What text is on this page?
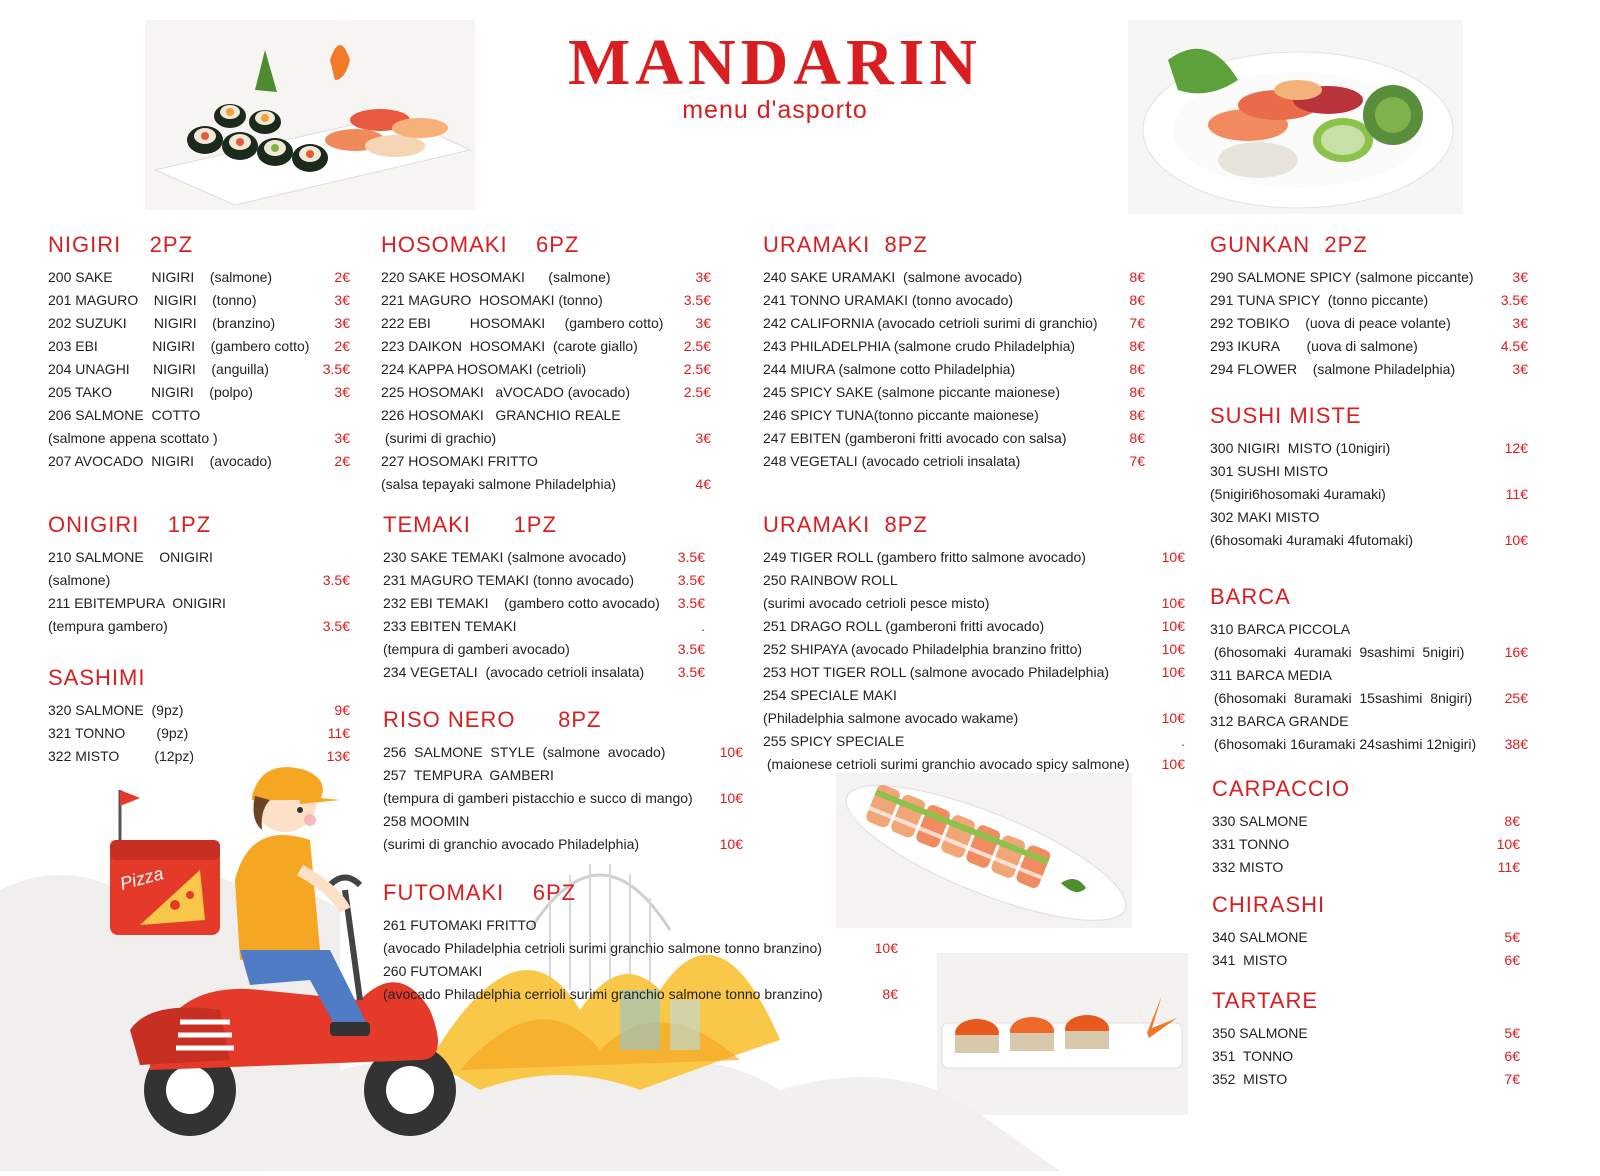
MANDARIN
menu d'asporto
Pizza
NIGIRI    2PZ
200 SAKE          NIGIRI    (salmone)	2€
201 MAGURO    NIGIRI    (tonno)	3€
202 SUZUKI       NIGIRI    (branzino)	3€
203 EBI              NIGIRI    (gambero cotto) 2€
204 UNAGHI      NIGIRI    (anguilla)	3.5€
205 TAKO          NIGIRI    (polpo)	3€
206 SALMONE  COTTO
(salmone appena scottato )	3€
207 AVOCADO  NIGIRI    (avocado)	2€
ONIGIRI    1PZ
210 SALMONE    ONIGIRI
(salmone)	3.5€
211 EBITEMPURA  ONIGIRI
(tempura gambero)	3.5€
SASHIMI
320 SALMONE  (9pz)	9€
321 TONNO        (9pz)	11€
322 MISTO         (12pz)	13€
HOSOMAKI    6PZ
220 SAKE HOSOMAKI      (salmone)	3€
221 MAGURO  HOSOMAKI (tonno)	3.5€
222 EBI          HOSOMAKI     (gambero cotto) 3€
223 DAIKON  HOSOMAKI  (carote giallo)	2.5€
224 KAPPA HOSOMAKI (cetrioli)	2.5€
225 HOSOMAKI   aVOCADO (avocado)	2.5€
226 HOSOMAKI   GRANCHIO REALE
(surimi di grachio)	3€
227 HOSOMAKI FRITTO
(salsa tepayaki salmone Philadelphia)	4€
TEMAKI      1PZ
230 SAKE TEMAKI (salmone avocado)	3.5€
231 MAGURO TEMAKI (tonno avocado)	3.5€
232 EBI TEMAKI    (gambero cotto avocado) 3.5€
233 EBITEN TEMAKI	.
(tempura di gamberi avocado)	3.5€
234 VEGETALI  (avocado cetrioli insalata) 3.5€
RISO NERO      8PZ
256  SALMONE  STYLE  (salmone  avocado)	10€
257  TEMPURA  GAMBERI
(tempura di gamberi pistacchio e succo di mango) 10€
258 MOOMIN
(surimi di granchio avocado Philadelphia)	10€
FUTOMAKI    6PZ
261 FUTOMAKI FRITTO
(avocado Philadelphia cetrioli surimi granchio salmone tonno branzino)	10€
260 FUTOMAKI
(avocado Philadelphia cerrioli surimi granchio salmone tonno branzino)	8€
URAMAKI  8PZ
240 SAKE URAMAKI  (salmone avocado)	8€
241 TONNO URAMAKI (tonno avocado)	8€
242 CALIFORNIA (avocado cetrioli surimi di granchio) 7€
243 PHILADELPHIA (salmone crudo Philadelphia)	8€
244 MIURA (salmone cotto Philadelphia)	8€
245 SPICY SAKE (salmone piccante maionese)	8€
246 SPICY TUNA(tonno piccante maionese)	8€
247 EBITEN (gamberoni fritti avocado con salsa)	8€
248 VEGETALI (avocado cetrioli insalata)	7€
URAMAKI  8PZ
249 TIGER ROLL (gambero fritto salmone avocado)	10€
250 RAINBOW ROLL
(surimi avocado cetrioli pesce misto)	10€
251 DRAGO ROLL (gamberoni fritti avocado)	10€
252 SHIPAYA (avocado Philadelphia branzino fritto)	10€
253 HOT TIGER ROLL (salmone avocado Philadelphia)	10€
254 SPECIALE MAKI
(Philadelphia salmone avocado wakame)	10€
255 SPICY SPECIALE	.
(maionese cetrioli surimi granchio avocado spicy salmone) 10€
GUNKAN  2PZ
290 SALMONE SPICY (salmone piccante)	3€
291 TUNA SPICY  (tonno piccante)	3.5€
292 TOBIKO    (uova di peace volante)	3€
293 IKURA       (uova di salmone)	4.5€
294 FLOWER    (salmone Philadelphia)	3€
SUSHI MISTE
300 NIGIRI  MISTO (10nigiri)	12€
301 SUSHI MISTO
(5nigiri6hosomaki 4uramaki)	11€
302 MAKI MISTO
(6hosomaki 4uramaki 4futomaki)	10€
BARCA
310 BARCA PICCOLA
(6hosomaki  4uramaki  9sashimi  5nigiri)	16€
311 BARCA MEDIA
(6hosomaki  8uramaki  15sashimi  8nigiri) 25€
312 BARCA GRANDE
(6hosomaki 16uramaki 24sashimi 12nigiri) 38€
CARPACCIO
330 SALMONE	8€
331 TONNO	10€
332 MISTO	11€
CHIRASHI
340 SALMONE	5€
341  MISTO	6€
TARTARE
350 SALMONE	5€
351  TONNO	6€
352  MISTO	7€
